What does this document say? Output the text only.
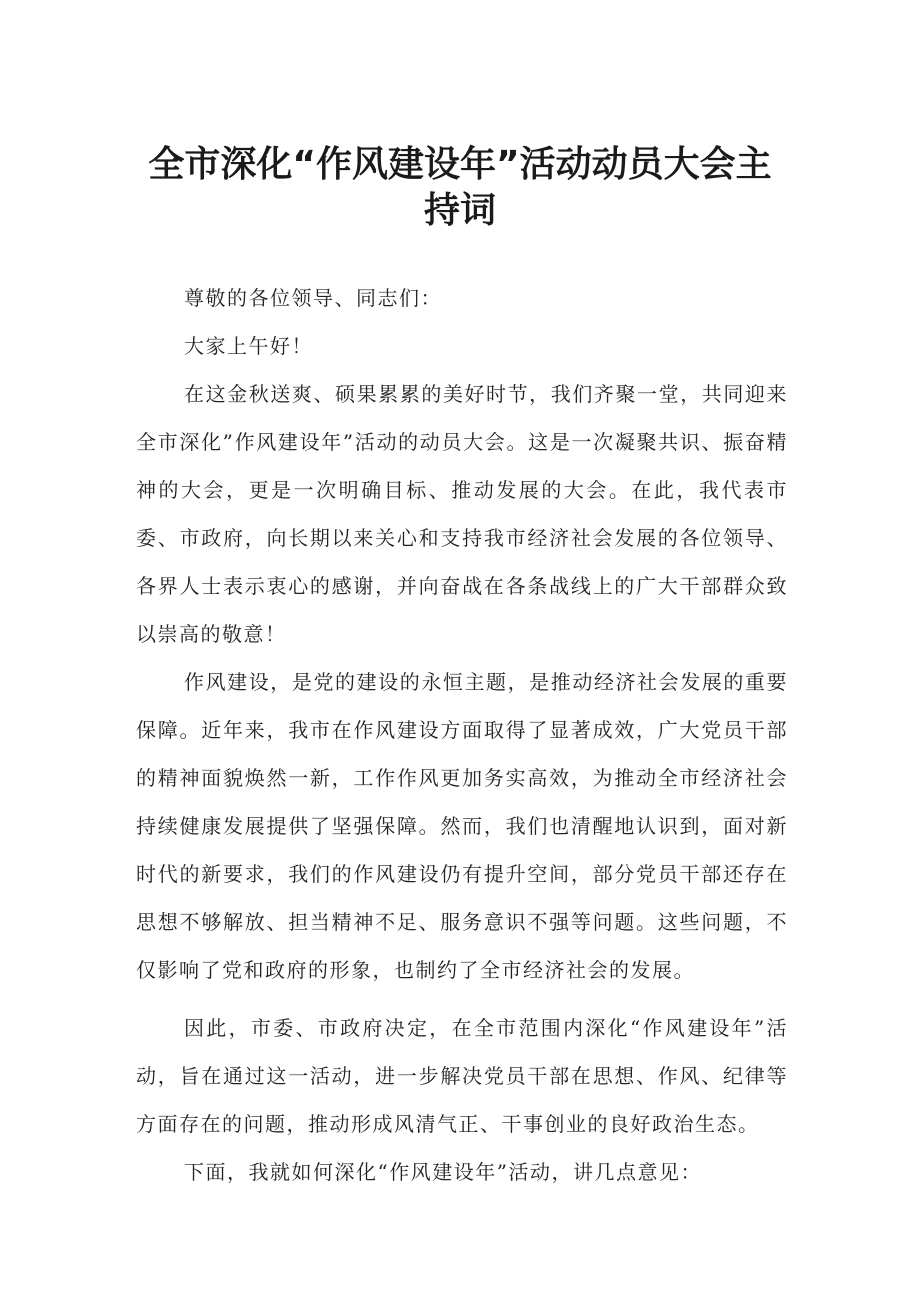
全市深化“作风建设年”活动动员大会主
持词

尊敬的各位领导、同志们：

大家上午好！

在这金秋送爽、硕果累累的美好时节，我们齐聚一堂，共同迎来全市深化”作风建设年”活动的动员大会。这是一次凝聚共识、振奋精神的大会，更是一次明确目标、推动发展的大会。在此，我代表市委、市政府，向长期以来关心和支持我市经济社会发展的各位领导、各界人士表示衷心的感谢，并向奋战在各条战线上的广大干部群众致以崇高的敬意！

作风建设，是党的建设的永恒主题，是推动经济社会发展的重要保障。近年来，我市在作风建设方面取得了显著成效，广大党员干部的精神面貌焕然一新，工作作风更加务实高效，为推动全市经济社会持续健康发展提供了坚强保障。然而，我们也清醒地认识到，面对新时代的新要求，我们的作风建设仍有提升空间，部分党员干部还存在思想不够解放、担当精神不足、服务意识不强等问题。这些问题，不仅影响了党和政府的形象，也制约了全市经济社会的发展。

因此，市委、市政府决定，在全市范围内深化“作风建设年”活动，旨在通过这一活动，进一步解决党员干部在思想、作风、纪律等方面存在的问题，推动形成风清气正、干事创业的良好政治生态。

下面，我就如何深化“作风建设年”活动，讲几点意见：
